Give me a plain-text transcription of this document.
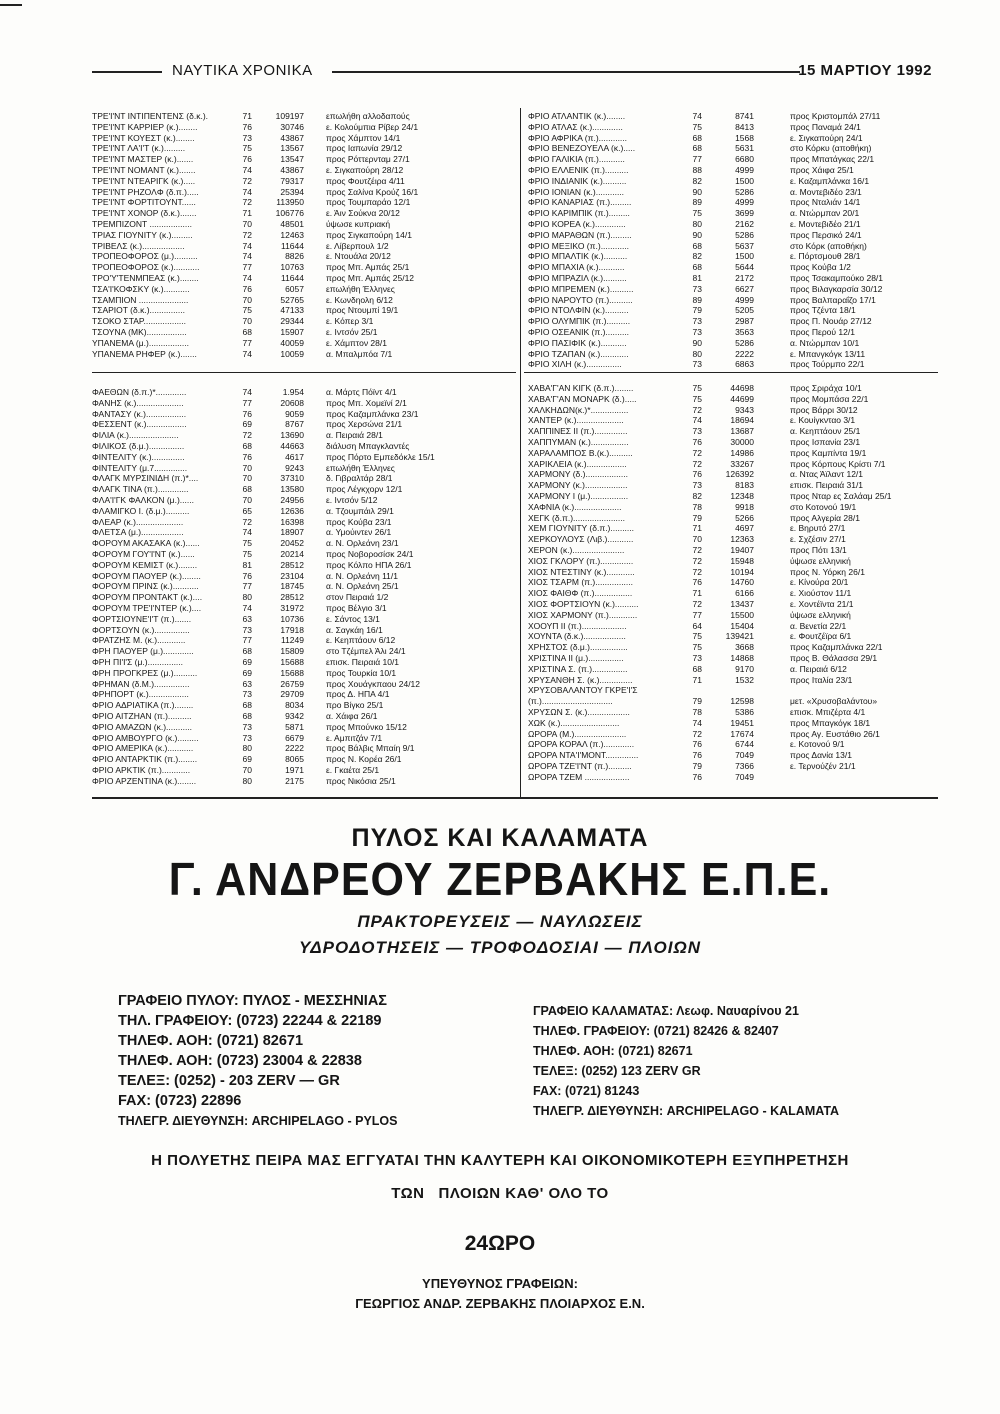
ΝΑΥΤΙΚΑ ΧΡΟΝΙΚΑ	15 ΜΑΡΤΙΟΥ 1992
ΤΡΕ'Ι'ΝΤ ΙΝΤΙΠΕΝΤΕΝΣ (δ.κ.).	71	109197	επωλήθη αλλοδαπούς
ΤΡΕ'Ι'ΝΤ ΚΑΡΡΙΕΡ (κ.)........	76	30746	ε. Κολούμπια Ρίβερ 24/1
ΤΡΕ'Ι'ΝΤ ΚΟΥΕΣΤ (κ.)........	73	43867	προς Χάμπτον 14/1
ΤΡΕ'Ι'ΝΤ ΛΑ'Ι'Τ (κ.).........	75	13567	προς Ιαπωνία 29/12
ΤΡΕ'Ι'ΝΤ ΜΑΣΤΕΡ (κ.).......	76	13547	προς Ρόττερνταμ 27/1
ΤΡΕ'Ι'ΝΤ ΝΟΜΑΝΤ (κ.).......	74	43867	ε. Σιγκαπούρη 28/12
ΤΡΕ'Ι'ΝΤ ΝΤΕΑΡΙΓΚ (κ.).....	72	79317	προς Φουτζέιρα 4/11
ΤΡΕ'Ι'ΝΤ ΡΗΖΟΛΦ (δ.π.).....	74	25394	προς Σαλίνα Κρούζ 16/1
ΤΡΕ'Ι'ΝΤ ΦΟΡΤΙΤΟΥΝΤ......	72	113950	προς Τουμπαράο 12/1
ΤΡΕ'Ι'ΝΤ ΧΟΝΟΡ (δ.κ.).......	71	106776	ε. Άιν Σούκνα 20/12
ΤΡΕΜΠΙΖΟΝΤ ..................	70	48501	ύψωσε κυπριακή
ΤΡΙΑΣ ΓΙΟΥΝΙΤΥ (κ.).........	72	12463	προς Σιγκαπούρη 14/1
ΤΡΙΒΕΛΣ (κ.)..................	74	11644	ε. Λίβερπουλ 1/2
ΤΡΟΠΕΟΦΟΡΟΣ (μ.)..........	74	8826	ε. Ντουάλα 20/12
ΤΡΟΠΕΟΦΟΡΟΣ (κ.)...........	77	10763	προς Μπ. Αμπάς 25/1
ΤΡΟ'Υ'ΤΕΝΜΠΕΑΣ (κ.)........	74	11644	προς Μπ. Αμπάς 25/12
ΤΣΑ'Ι'ΚΟΦΣΚΥ (κ.)...........	76	6057	επωλήθη Έλληνες
ΤΣΑΜΠΙΟΝ .....................	70	52765	ε. Κωνδηολη 6/12
ΤΣΑΡΙΟΤ (δ.κ.)...............	75	47133	προς Ντουμπί 19/1
ΤΣΟΚΟ ΣΤΑΡ..................	70	29344	ε. Κόπερ 3/1
ΤΣΟΥΝΑ (ΜΚ).................	68	15907	ε. Ιντσόν 25/1
ΥΠΑΝΕΜΑ (μ.).................	77	40059	ε. Χάμπτον 28/1
ΥΠΑΝΕΜΑ ΡΗΦΕΡ (κ.).......	74	10059	α. Μπαλμπόα 7/1
ΦΡΙΟ ΑΤΛΑΝΤΙΚ (κ.)........	74	8741	προς Κριστομπάλ 27/11
ΦΡΙΟ ΑΤΛΑΣ (κ.).............	75	8413	προς Παναμά 24/1
ΦΡΙΟ ΑΦΡΙΚΑ (π.)............	68	1568	ε. Σιγκαπούρη 24/1
ΦΡΙΟ ΒΕΝΕΖΟΥΕΛΑ (κ.).....	68	5631	στο Κόρκυ (αποθήκη)
ΦΡΙΟ ΓΑΛΙΚΙΑ (π.)...........	77	6680	προς Μπατάγκας 22/1
ΦΡΙΟ ΕΛΛΕΝΙΚ (π.)..........	88	4999	προς Χάιφα 25/1
ΦΡΙΟ ΙΝΔΙΑΝΙΚ (κ.)..........	82	1500	ε. Καζαμπλάνκα 16/1
ΦΡΙΟ ΙΟΝΙΑΝ (κ.)............	90	5286	α. Μοντεβιδέο 23/1
ΦΡΙΟ ΚΑΝΑΡΙΑΣ (π.).........	89	4999	προς Νταλιάν 14/1
ΦΡΙΟ ΚΑΡΙΜΠΙΚ (π.).........	75	3699	α. Ντώρμπαν 20/1
ΦΡΙΟ ΚΟΡΕΑ (κ.).............	80	2162	ε. Μοντεβιδέο 21/1
ΦΡΙΟ ΜΑΡΑΘΩΝ (π.).........	90	5286	προς Περσικό 24/1
ΦΡΙΟ ΜΕΞΙΚΟ (π.)............	68	5637	στο Κόρκ (αποθήκη)
ΦΡΙΟ ΜΠΑΛΤΙΚ (κ.)..........	82	1500	ε. Πόρτσμουθ 28/1
ΦΡΙΟ ΜΠΑΧΙΑ (κ.)...........	68	5644	προς Κούβα 1/2
ΦΡΙΟ ΜΠΡΑΖΙΛ (κ.)..........	81	2172	προς Τσακαμπούκο 28/1
ΦΡΙΟ ΜΠΡΕΜΕΝ (κ.)..........	73	6627	προς Βιλαγκαρσία 30/12
ΦΡΙΟ ΝΑΡΟΥΤΟ (π.)..........	89	4999	προς Βαλπαραΐζο 17/1
ΦΡΙΟ ΝΤΟΛΦΙΝ (κ.)..........	79	5205	προς Τζέντα 18/1
ΦΡΙΟ ΟΛΥΜΠΙΚ (π.)..........	73	2987	προς Π. Νουάρ 27/12
ΦΡΙΟ ΟΣΕΑΝΙΚ (π.)..........	73	3563	προς Περού 12/1
ΦΡΙΟ ΠΑΣΙΦΙΚ (κ.)...........	90	5286	α. Ντώρμπαν 10/1
ΦΡΙΟ ΤΖΑΠΑΝ (κ.)............	80	2222	ε. Μπανγκόγκ 13/11
ΦΡΙΟ ΧΙΛΗ (κ.)...............	73	6863	προς Τούρμπο 22/1
ΦΑΕΘΩΝ (δ.π.)*.............	74	1.954	α. Μάρτς Πόϊντ 4/1
ΦΑΝΗΣ (κ.)....................	77	20608	προς Μπ. Χομεϊνί 2/1
ΦΑΝΤΑΣΥ (κ.).................	76	9059	προς Καζαμπλάνκα 23/1
ΦΕΣΣΕΝΤ (κ.).................	69	8767	προς Χερσώνα 21/1
ΦΙΛΙΑ (κ.).....................	72	13690	α. Πειραιά 28/1
ΦΙΛΙΚΟΣ (δ.μ.)...............	68	44663	διάλυση Μπαγκλαντές
ΦΙΝΤΕΛΙΤΥ (κ.)..............	76	4617	προς Πόρτο Εμπεδόκλε 15/1
ΦΙΝΤΕΛΙΤΥ (μ.7..............	70	9243	επωλήθη Έλληνες
ΦΛΑΓΚ ΜΥΡΣΙΝΙΔΗ (π.)*....	70	37310	δ. Γιβραλτάρ 28/1
ΦΛΑΓΚ ΤΙΝΑ (π.).............	68	13580	προς Λέγκχορν 12/1
ΦΛΑ'Ι'ΓΚ ΦΑΛΚΟΝ (μ.)......	70	24956	ε. Ιντσόν 5/12
ΦΛΑΜΙΓΚΟ Ι. (δ.μ.)..........	65	12636	α. Τζουμπάιλ 29/1
ΦΛΕΑΡ (κ.)....................	72	16398	προς Κούβα 23/1
ΦΛΕΤΣΑ (μ.)..................	74	18907	α. Υμούιντεν 26/1
ΦΟΡΟΥΜ ΑΚΑΣΑΚΑ (κ.)......	75	20452	α. Ν. Ορλεάνη 23/1
ΦΟΡΟΥΜ ΓΟΥ'Ι'ΝΤ (κ.)......	75	20214	προς Νοβοροσίσκ 24/1
ΦΟΡΟΥΜ ΚΕΜΙΣΤ (κ.)........	81	28512	προς Κόλπο ΗΠΑ 26/1
ΦΟΡΟΥΜ ΠΑΟΥΕΡ (κ.)........	76	23104	α. Ν. Ορλεάνη 11/1
ΦΟΡΟΥΜ ΠΡΙΝΣ (κ.)...........	77	18745	α. Ν. Ορλεάνη 25/1
ΦΟΡΟΥΜ ΠΡΟΝΤΑΚΤ (κ.)....	80	28512	στον Πειραιά 1/2
ΦΟΡΟΥΜ ΤΡΕ'Ι'ΝΤΕΡ (κ.)....	74	31972	προς Βέλγιο 3/1
ΦΟΡΤΣΙΟΥΝΕ'Ι'Τ (π.).......	63	10736	ε. Σάντος 13/1
ΦΟΡΤΣΟΥΝ (κ.)...............	73	17918	α. Σαγκάη 16/1
ΦΡΑΤΖΗΣ Μ. (κ.)............	77	11249	ε. Κεηπτάουν 6/12
ΦΡΗ ΠΑΟΥΕΡ (μ.).............	68	15809	στο Τζέμπελ Άλι 24/1
ΦΡΗ ΠΙ'Ι'Σ (μ.)...............	69	15688	επισκ. Πειραιά 10/1
ΦΡΗ ΠΡΟΓΚΡΕΣ (μ.)..........	69	15688	προς Τουρκία 10/1
ΦΡΗΜΑΝ (δ.Μ.)...............	63	26759	προς Χουάγκπαου 24/12
ΦΡΗΠΟΡΤ (κ.).................	73	29709	προς Δ. ΗΠΑ 4/1
ΦΡΙΟ ΑΔΡΙΑΤΙΚΑ (π.)........	68	8034	προ Βίγκο 25/1
ΦΡΙΟ ΑΙΤΖΗΑΝ (π.)..........	68	9342	α. Χάιφα 26/1
ΦΡΙΟ ΑΜΑΖΩΝ (κ.)...........	73	5871	προς Μπούνκο 15/12
ΦΡΙΟ ΑΜΒΟΥΡΓΟ (κ.).........	73	6679	ε. Αμπιτζάν 7/1
ΦΡΙΟ ΑΜΕΡΙΚΑ (κ.)...........	80	2222	προς Βάλβις Μπαίη 9/1
ΦΡΙΟ ΑΝΤΑΡΚΤΙΚ (π.)........	69	8065	προς Ν. Κορέα 26/1
ΦΡΙΟ ΑΡΚΤΙΚ (π.)............	70	1971	ε. Γκαέτα 25/1
ΦΡΙΟ ΑΡΖΕΝΤΙΝΑ (κ.)........	80	2175	προς Νικόσια 25/1
ΧΑΒΑ'Γ'ΑΝ ΚΙΓΚ (δ.π.)........	75	44698	προς Σριράχα 10/1
ΧΑΒΑ'Γ'ΑΝ ΜΟΝΑΡΚ (δ.).....	75	44699	προς Μομπάσα 22/1
ΧΑΛΚΗΔΩΝ(κ.)*................	72	9343	προς Βάρρι 30/12
ΧΑΝΤΕΡ (κ.)....................	74	18694	ε. Κουίγκνταο 3/1
ΧΑΠΠΙΝΕΣ ΙΙ (π.)..............	73	13687	α. Κεηπτάουν 25/1
ΧΑΠΠΥΜΑΝ (κ.)................	76	30000	προς Ισπανία 23/1
ΧΑΡΑΛΑΜΠΟΣ Β.(κ.)..........	72	14986	προς Καμπίντα 19/1
ΧΑΡΙΚΛΕΙΑ (κ.).................	72	33267	προς Κόρπους Κρίστι 7/1
ΧΑΡΜΟΝΥ (δ.)..................	76	126392	α. Ντας Άϊλαντ 12/1
ΧΑΡΜΟΝΥ (κ.)..................	73	8183	επισκ. Πειραιά 31/1
ΧΑΡΜΟΝΥ Ι (μ.)................	82	12348	προς Νταρ ες Σαλάαμ 25/1
ΧΑΦΝΙΑ (κ.)....................	78	9918	στο Κοτονού 19/1
ΧΕΓΚ (δ.π.)......................	79	5266	προς Αλγερία 28/1
ΧΕΜ ΓΙΟΥΝΙΤΥ (δ.π.)..........	71	4697	ε. Βηρυτό 27/1
ΧΕΡΚΟΥΛΟΥΣ (Λιβ.)...........	70	12363	ε. Σχζέσιν 27/1
ΧΕΡΟΝ (κ.)......................	72	19407	προς Πότι 13/1
ΧΙΟΣ ΓΚΛΟΡΥ (π.)..............	72	15948	ύψωσε ελληνική
ΧΙΟΣ ΝΤΕΣΤΙΝΥ (κ.)............	72	10194	προς Ν. Υόρκη 26/1
ΧΙΟΣ ΤΣΑΡΜ (π.)................	76	14760	ε. Κίνούρα 20/1
ΧΙΟΣ ΦΑΙΘΦ (π.)................	71	6166	ε. Χιούστον 11/1
ΧΙΟΣ ΦΟΡΤΣΙΟΥΝ (κ.)..........	72	13437	ε. Χοντέϊντα 21/1
ΧΙΟΣ ΧΑΡΜΟΝΥ (π.)............	77	15500	ύψωσε ελληνική
ΧΟΟΥΠ ΙΙ (π.)...................	64	15404	α. Βενετία 22/1
ΧΟΥΝΤΑ (δ.κ.)..................	75	139421	ε. Φουτζέϊρα 6/1
ΧΡΗΣΤΟΣ (δ.μ.)................	75	3668	προς Καζαμπλάνκα 22/1
ΧΡΙΣΤΙΝΑ ΙΙ (μ.)...............	73	14868	προς Β. Θάλασσα 29/1
ΧΡΙΣΤΙΝΑ Σ. (π.)...............	68	9170	α. Πειραιά 6/12
ΧΡΥΣΑΝΘΗ Σ. (κ.)..............	71	1532	προς Ιταλία 23/1
ΧΡΥΣΟΒΑΛΑΝΤΟΥ ΓΚΡΕ'Ι'Σ
(π.)..............................	79	12598	μετ. «Χρυσοβαλάντου»
ΧΡΥΣΩΝ Σ. (κ.)..................	78	5386	επισκ. Μπιζέρτα 4/1
ΧΩΚ (κ.).........................	74	19451	προς Μπαγκόγκ 18/1
ΩΡΟΡΑ (Μ.)......................	72	17674	προς Αγ. Ευστάθιο 26/1
ΩΡΟΡΑ ΚΟΡΑΛ (π.).............	76	6744	ε. Κοτονού 9/1
ΩΡΟΡΑ ΝΤΑ'Ι'ΜΟΝΤ..............	76	7049	προς Δανία 13/1
ΩΡΟΡΑ ΤΖΕ'Ι'ΝΤ (π.)..........	79	7366	ε. Τερνούζέν 21/1
ΩΡΟΡΑ ΤΖΕΜ ...................	76	7049
ΠΥΛΟΣ ΚΑΙ ΚΑΛΑΜΑΤΑ
Γ. ΑΝΔΡΕΟΥ ΖΕΡΒΑΚΗΣ Ε.Π.Ε.
ΠΡΑΚΤΟΡΕΥΣΕΙΣ — ΝΑΥΛΩΣΕΙΣ
ΥΔΡΟΔΟΤΗΣΕΙΣ — ΤΡΟΦΟΔΟΣΙΑΙ — ΠΛΟΙΩΝ
ΓΡΑΦΕΙΟ ΠΥΛΟΥ: ΠΥΛΟΣ - ΜΕΣΣΗΝΙΑΣ
ΤΗΛ. ΓΡΑΦΕΙΟΥ: (0723) 22244 & 22189
ΤΗΛΕΦ. ΑΟΗ: (0721) 82671
ΤΗΛΕΦ. ΑΟΗ: (0723) 23004 & 22838
ΤΕΛΕΞ: (0252) - 203 ZERV — GR
FAX: (0723) 22896
ΤΗΛΕΓΡ. ΔΙΕΥΘΥΝΣΗ: ARCHIPELAGO - PYLOS
ΓΡΑΦΕΙΟ ΚΑΛΑΜΑΤΑΣ: Λεωφ. Ναυαρίνου 21
ΤΗΛΕΦ. ΓΡΑΦΕΙΟΥ: (0721) 82426 & 82407
ΤΗΛΕΦ. ΑΟΗ: (0721) 82671
ΤΕΛΕΞ: (0252) 123 ZERV GR
FAX: (0721) 81243
ΤΗΛΕΓΡ. ΔΙΕΥΘΥΝΣΗ: ARCHIPELAGO - KALAMATA
Η ΠΟΛΥΕΤΗΣ ΠΕΙΡΑ ΜΑΣ ΕΓΓΥΑΤΑΙ ΤΗΝ ΚΑΛΥΤΕΡΗ ΚΑΙ ΟΙΚΟΝΟΜΙΚΟΤΕΡΗ ΕΞΥΠΗΡΕΤΗΣΗ
ΤΩΝ   ΠΛΟΙΩΝ ΚΑΘ' ΟΛΟ ΤΟ
24ΩΡΟ
ΥΠΕΥΘΥΝΟΣ ΓΡΑΦΕΙΩΝ:
ΓΕΩΡΓΙΟΣ ΑΝΔΡ. ΖΕΡΒΑΚΗΣ ΠΛΟΙΑΡΧΟΣ Ε.Ν.
